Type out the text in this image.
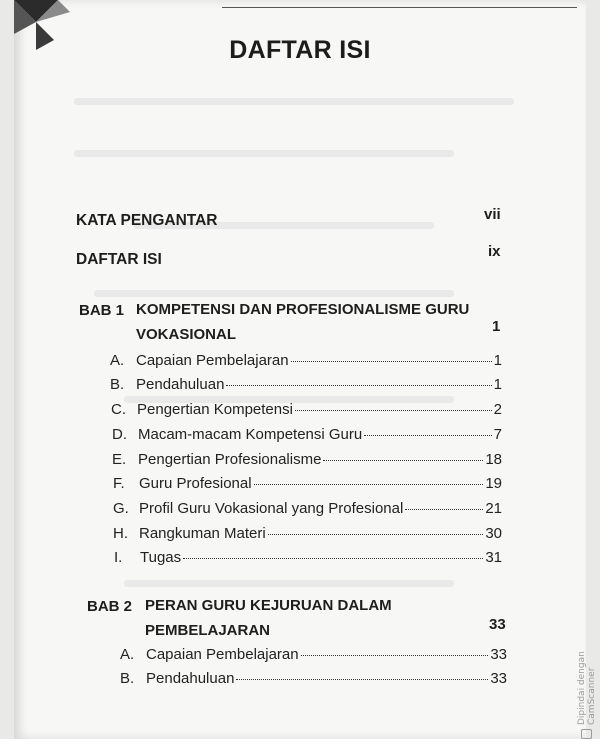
DAFTAR ISI
KATA PENGANTAR	vii
DAFTAR ISI	ix
BAB 1 KOMPETENSI DAN PROFESIONALISME GURU
VOKASIONAL	1
A. Capaian Pembelajaran	1
B. Pendahuluan	1
C. Pengertian Kompetensi	2
D. Macam-macam Kompetensi Guru	7
E. Pengertian Profesionalisme	18
F. Guru Profesional	19
G. Profil Guru Vokasional yang Profesional	21
H. Rangkuman Materi	30
I.	Tugas	31
BAB 2 PERAN GURU KEJURUAN DALAM
PEMBELAJARAN	33
A. Capaian Pembelajaran	33
B. Pendahuluan	33	Dipindai dengan CamScanner
